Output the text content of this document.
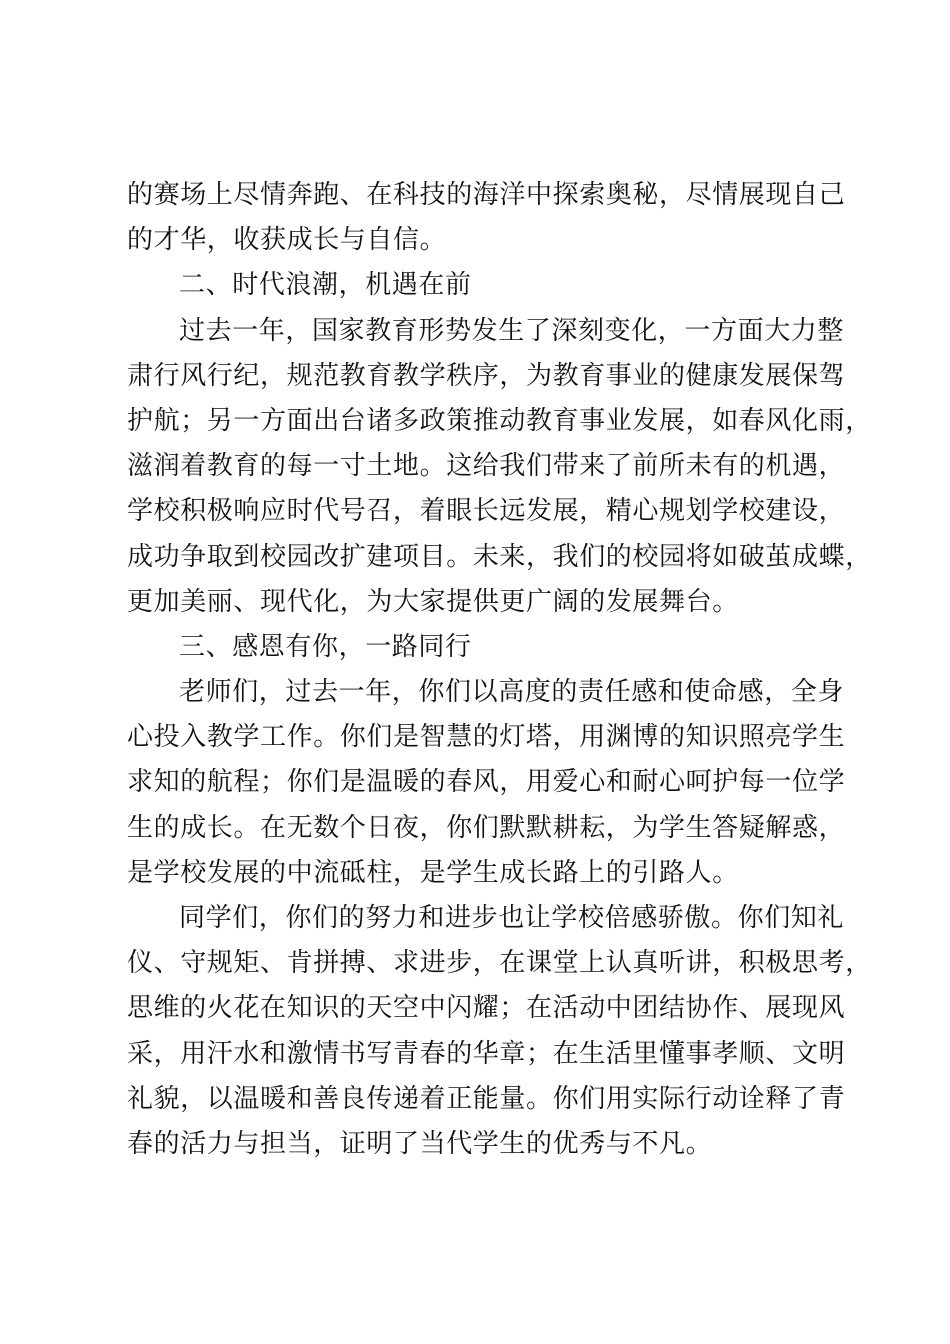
的赛场上尽情奔跑、在科技的海洋中探索奥秘，尽情展现自己
的才华，收获成长与自信。
二、时代浪潮，机遇在前
过去一年，国家教育形势发生了深刻变化，一方面大力整
肃行风行纪，规范教育教学秩序，为教育事业的健康发展保驾
护航；另一方面出台诸多政策推动教育事业发展，如春风化雨，
滋润着教育的每一寸土地。这给我们带来了前所未有的机遇，
学校积极响应时代号召，着眼长远发展，精心规划学校建设，
成功争取到校园改扩建项目。未来，我们的校园将如破茧成蝶，
更加美丽、现代化，为大家提供更广阔的发展舞台。
三、感恩有你，一路同行
老师们，过去一年，你们以高度的责任感和使命感，全身
心投入教学工作。你们是智慧的灯塔，用渊博的知识照亮学生
求知的航程；你们是温暖的春风，用爱心和耐心呵护每一位学
生的成长。在无数个日夜，你们默默耕耘，为学生答疑解惑，
是学校发展的中流砥柱，是学生成长路上的引路人。
同学们，你们的努力和进步也让学校倍感骄傲。你们知礼
仪、守规矩、肯拼搏、求进步，在课堂上认真听讲，积极思考，
思维的火花在知识的天空中闪耀；在活动中团结协作、展现风
采，用汗水和激情书写青春的华章；在生活里懂事孝顺、文明
礼貌，以温暖和善良传递着正能量。你们用实际行动诠释了青
春的活力与担当，证明了当代学生的优秀与不凡。
